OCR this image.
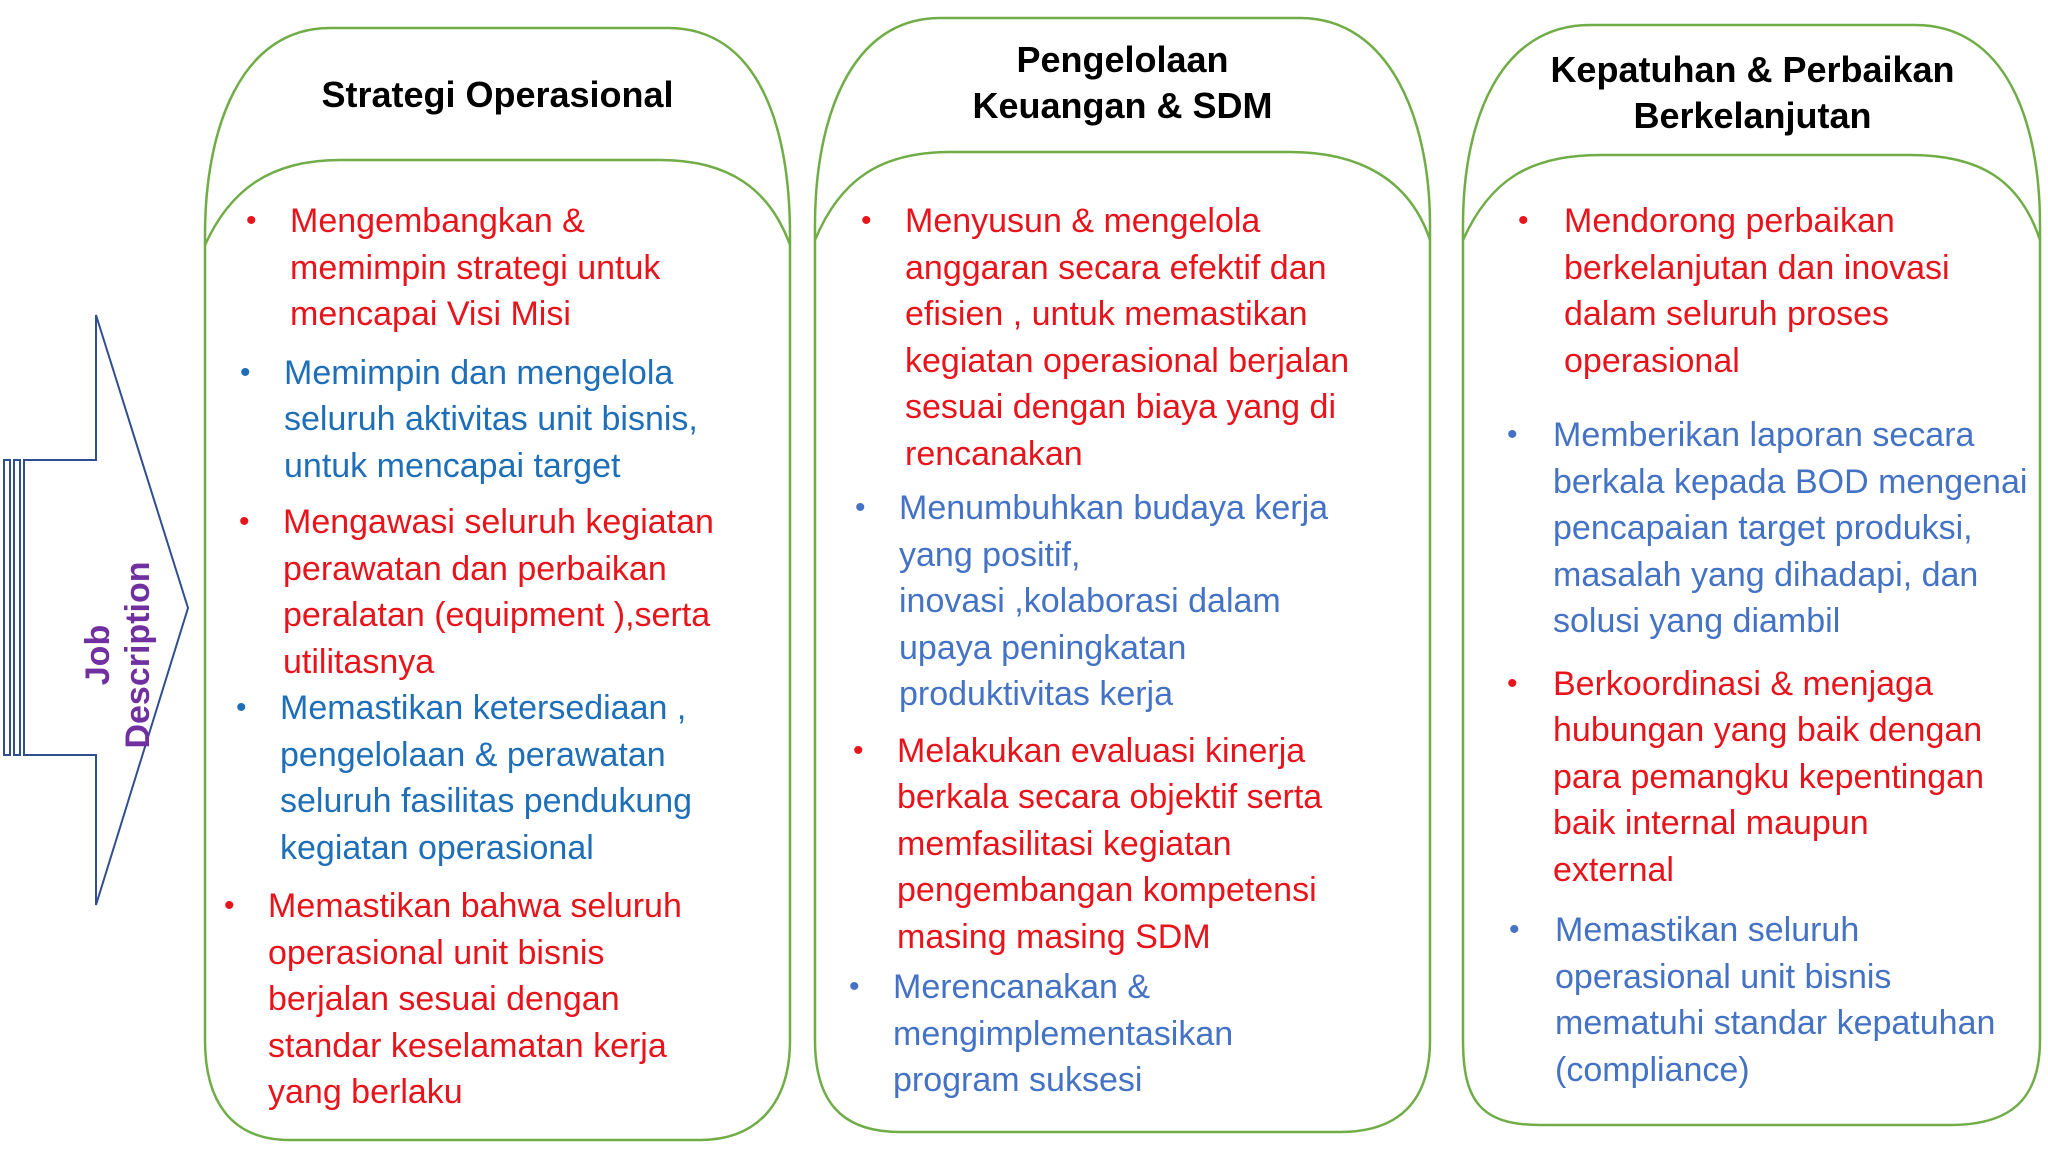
Job Description
Strategi Operasional
Pengelolaan
Keuangan & SDM
Kepatuhan & Perbaikan
Berkelanjutan
• Mengembangkan &
memimpin strategi untuk
mencapai Visi Misi
• Memimpin dan mengelola
seluruh aktivitas unit bisnis,
untuk mencapai target
• Mengawasi seluruh kegiatan
perawatan dan perbaikan
peralatan (equipment ),serta
utilitasnya
• Memastikan ketersediaan ,
pengelolaan & perawatan
seluruh fasilitas pendukung
kegiatan operasional
• Memastikan bahwa seluruh
operasional unit bisnis
berjalan sesuai dengan
standar keselamatan kerja
yang berlaku
• Menyusun & mengelola
anggaran secara efektif dan
efisien , untuk memastikan
kegiatan operasional berjalan
sesuai dengan biaya yang di
rencanakan
• Menumbuhkan budaya kerja
yang positif,
inovasi ,kolaborasi dalam
upaya peningkatan
produktivitas kerja
• Melakukan evaluasi kinerja
berkala secara objektif serta
memfasilitasi kegiatan
pengembangan kompetensi
masing masing SDM
• Merencanakan &
mengimplementasikan
program suksesi
• Mendorong perbaikan
berkelanjutan dan inovasi
dalam seluruh proses
operasional
• Memberikan laporan secara
berkala kepada BOD mengenai
pencapaian target produksi,
masalah yang dihadapi, dan
solusi yang diambil
• Berkoordinasi & menjaga
hubungan yang baik dengan
para pemangku kepentingan
baik internal maupun
external
• Memastikan seluruh
operasional unit bisnis
mematuhi standar kepatuhan
(compliance)
